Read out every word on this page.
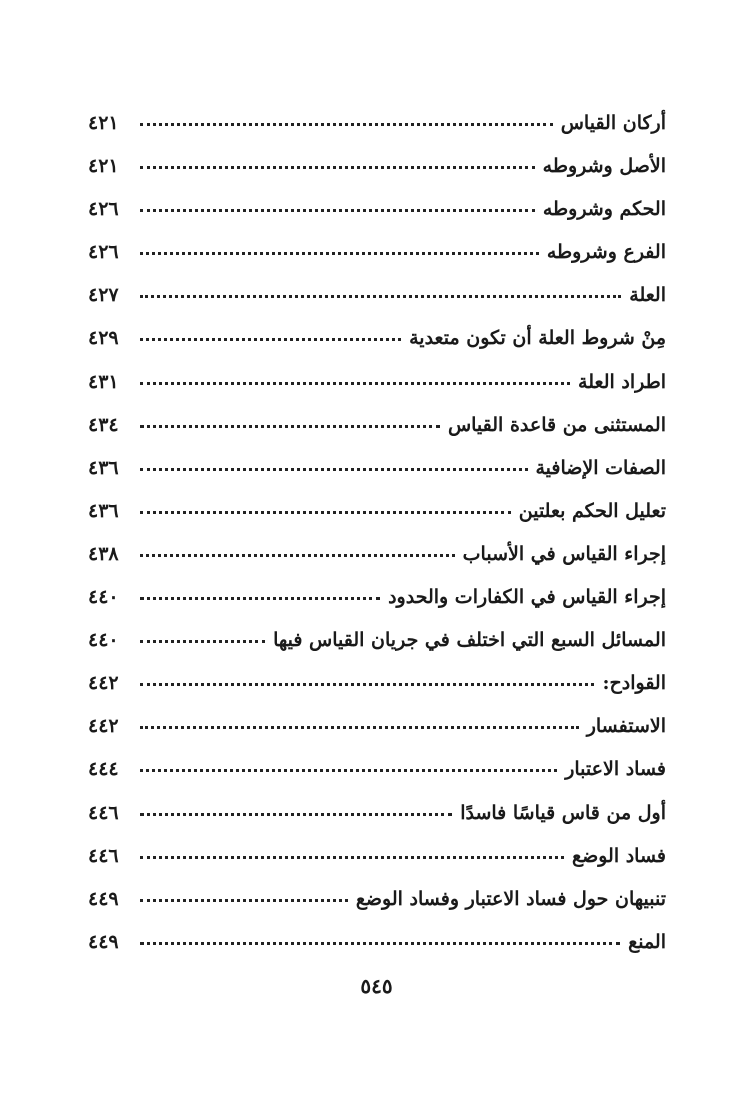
أركان القياس
٤٢١
الأصل وشروطه
٤٢١
الحكم وشروطه
٤٢٦
الفرع وشروطه
٤٢٦
العلة
٤٢٧
مِنْ شروط العلة أن تكون متعدية
٤٢٩
اطراد العلة
٤٣١
المستثنى من قاعدة القياس
٤٣٤
الصفات الإضافية
٤٣٦
تعليل الحكم بعلتين
٤٣٦
إجراء القياس في الأسباب
٤٣٨
إجراء القياس في الكفارات والحدود
٤٤٠
المسائل السبع التي اختلف في جريان القياس فيها
٤٤٠
القوادح:
٤٤٢
الاستفسار
٤٤٢
فساد الاعتبار
٤٤٤
أول من قاس قياسًا فاسدًا
٤٤٦
فساد الوضع
٤٤٦
تنبيهان حول فساد الاعتبار وفساد الوضع
٤٤٩
المنع
٤٤٩
٥٤٥
